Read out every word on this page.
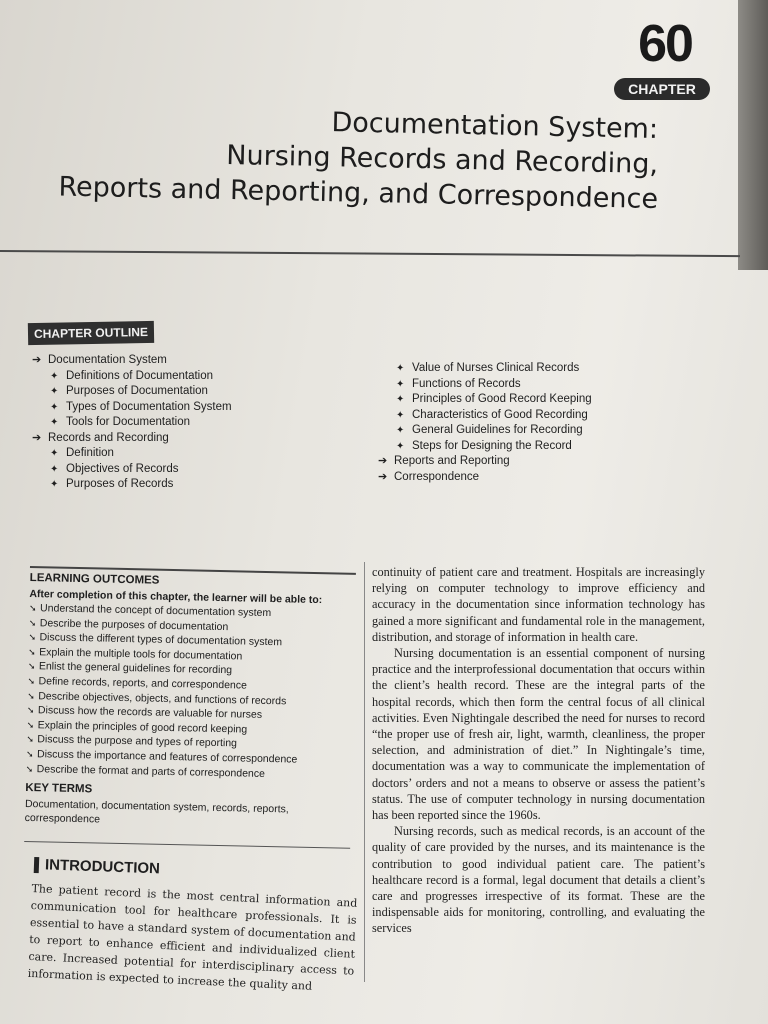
60
CHAPTER
Documentation System:
Nursing Records and Recording,
Reports and Reporting, and Correspondence
CHAPTER OUTLINE
➔ Documentation System
✦ Definitions of Documentation
✦ Purposes of Documentation
✦ Types of Documentation System
✦ Tools for Documentation
➔ Records and Recording
✦ Definition
✦ Objectives of Records
✦ Purposes of Records
✦ Value of Nurses Clinical Records
✦ Functions of Records
✦ Principles of Good Record Keeping
✦ Characteristics of Good Recording
✦ General Guidelines for Recording
✦ Steps for Designing the Record
➔ Reports and Reporting
➔ Correspondence
LEARNING OUTCOMES
After completion of this chapter, the learner will be able to:
➘ Understand the concept of documentation system
➘ Describe the purposes of documentation
➘ Discuss the different types of documentation system
➘ Explain the multiple tools for documentation
➘ Enlist the general guidelines for recording
➘ Define records, reports, and correspondence
➘ Describe objectives, objects, and functions of records
➘ Discuss how the records are valuable for nurses
➘ Explain the principles of good record keeping
➘ Discuss the purpose and types of reporting
➘ Discuss the importance and features of correspondence
➘ Describe the format and parts of correspondence
KEY TERMS
Documentation, documentation system, records, reports, correspondence
INTRODUCTION
The patient record is the most central information and communication tool for healthcare professionals. It is essential to have a standard system of documentation and to report to enhance efficient and individualized client care. Increased potential for interdisciplinary access to information is expected to increase the quality and

continuity of patient care and treatment. Hospitals are increasingly relying on computer technology to improve efficiency and accuracy in the documentation since information technology has gained a more significant and fundamental role in the management, distribution, and storage of information in health care.

Nursing documentation is an essential component of nursing practice and the interprofessional documentation that occurs within the client’s health record. These are the integral parts of the hospital records, which then form the central focus of all clinical activities. Even Nightingale described the need for nurses to record “the proper use of fresh air, light, warmth, cleanliness, the proper selection, and administration of diet.” In Nightingale’s time, documentation was a way to communicate the implementation of doctors’ orders and not a means to observe or assess the patient’s status. The use of computer technology in nursing documentation has been reported since the 1960s.

Nursing records, such as medical records, is an account of the quality of care provided by the nurses, and its maintenance is the contribution to good individual patient care. The patient’s healthcare record is a formal, legal document that details a client’s care and progresses irrespective of its format. These are the indispensable aids for monitoring, controlling, and evaluating the services
